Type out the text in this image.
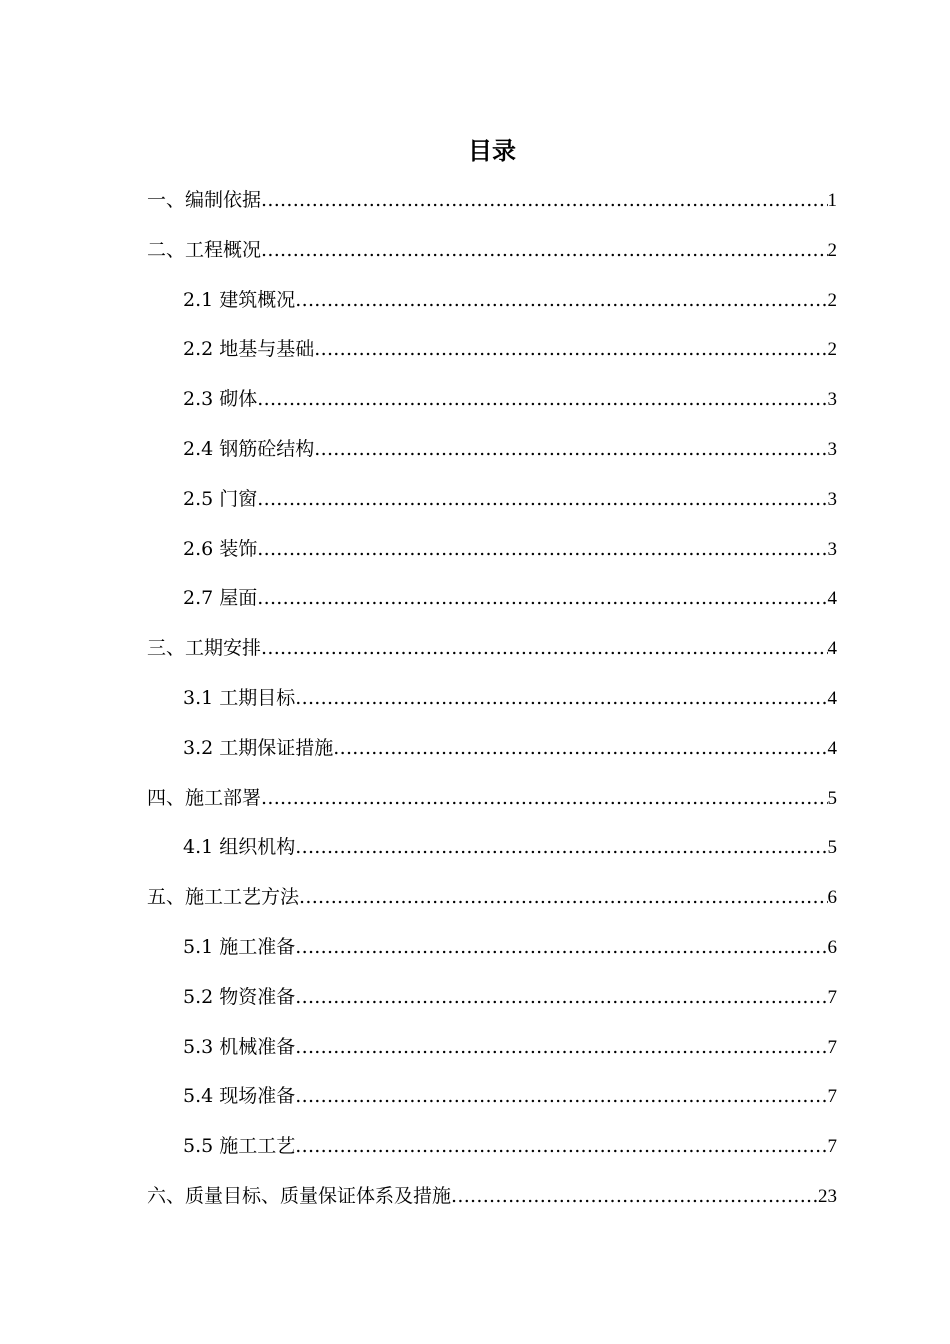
目录
一、编制依据 .....	1
二、工程概况 .....	2
2.1 建筑概况 .....	2
2.2 地基与基础 .....	2
2.3 砌体 .....	3
2.4 钢筋砼结构 .....	3
2.5 门窗 .....	3
2.6 装饰 .....	3
2.7 屋面 .....	4
三、工期安排 .....	4
3.1 工期目标 .....	4
3.2 工期保证措施 .....	4
四、施工部署 .....	5
4.1 组织机构 .....	5
五、施工工艺方法 .....	6
5.1 施工准备 .....	6
5.2 物资准备 .....	7
5.3 机械准备 .....	7
5.4 现场准备 .....	7
5.5 施工工艺 .....	7
六、质量目标、质量保证体系及措施 .....	23
